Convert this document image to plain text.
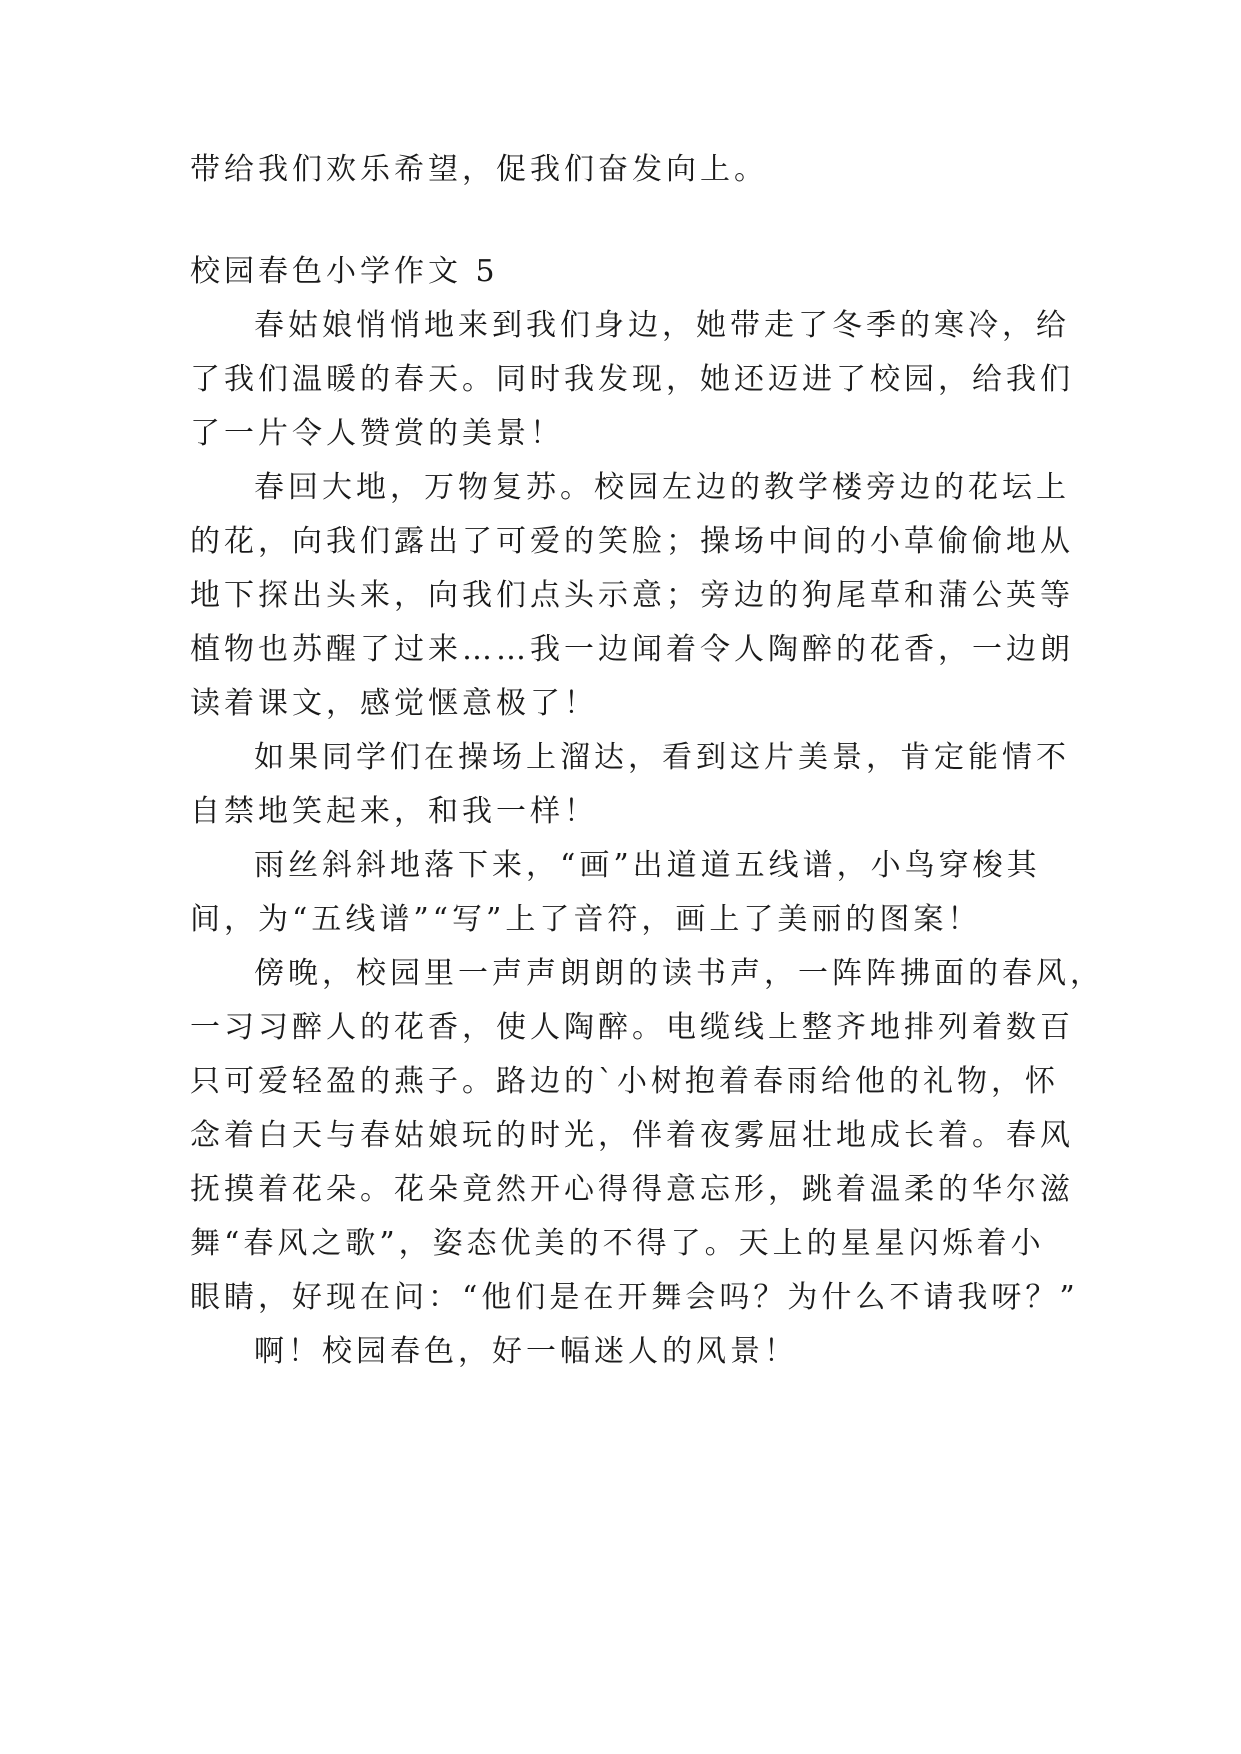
带给我们欢乐希望，促我们奋发向上。
校园春色小学作文 5
春姑娘悄悄地来到我们身边，她带走了冬季的寒冷，给
了我们温暖的春天。同时我发现，她还迈进了校园，给我们
了一片令人赞赏的美景！
春回大地，万物复苏。校园左边的教学楼旁边的花坛上
的花，向我们露出了可爱的笑脸；操场中间的小草偷偷地从
地下探出头来，向我们点头示意；旁边的狗尾草和蒲公英等
植物也苏醒了过来……我一边闻着令人陶醉的花香，一边朗
读着课文，感觉惬意极了！
如果同学们在操场上溜达，看到这片美景，肯定能情不
自禁地笑起来，和我一样！
雨丝斜斜地落下来，“画”出道道五线谱，小鸟穿梭其
间，为“五线谱”“写”上了音符，画上了美丽的图案！
傍晚，校园里一声声朗朗的读书声，一阵阵拂面的春风，
一习习醉人的花香，使人陶醉。电缆线上整齐地排列着数百
只可爱轻盈的燕子。路边的`小树抱着春雨给他的礼物，怀
念着白天与春姑娘玩的时光，伴着夜雾屈壮地成长着。春风
抚摸着花朵。花朵竟然开心得得意忘形，跳着温柔的华尔滋
舞“春风之歌”，姿态优美的不得了。天上的星星闪烁着小
眼睛，好现在问：“他们是在开舞会吗？为什么不请我呀？”
啊！校园春色，好一幅迷人的风景！
